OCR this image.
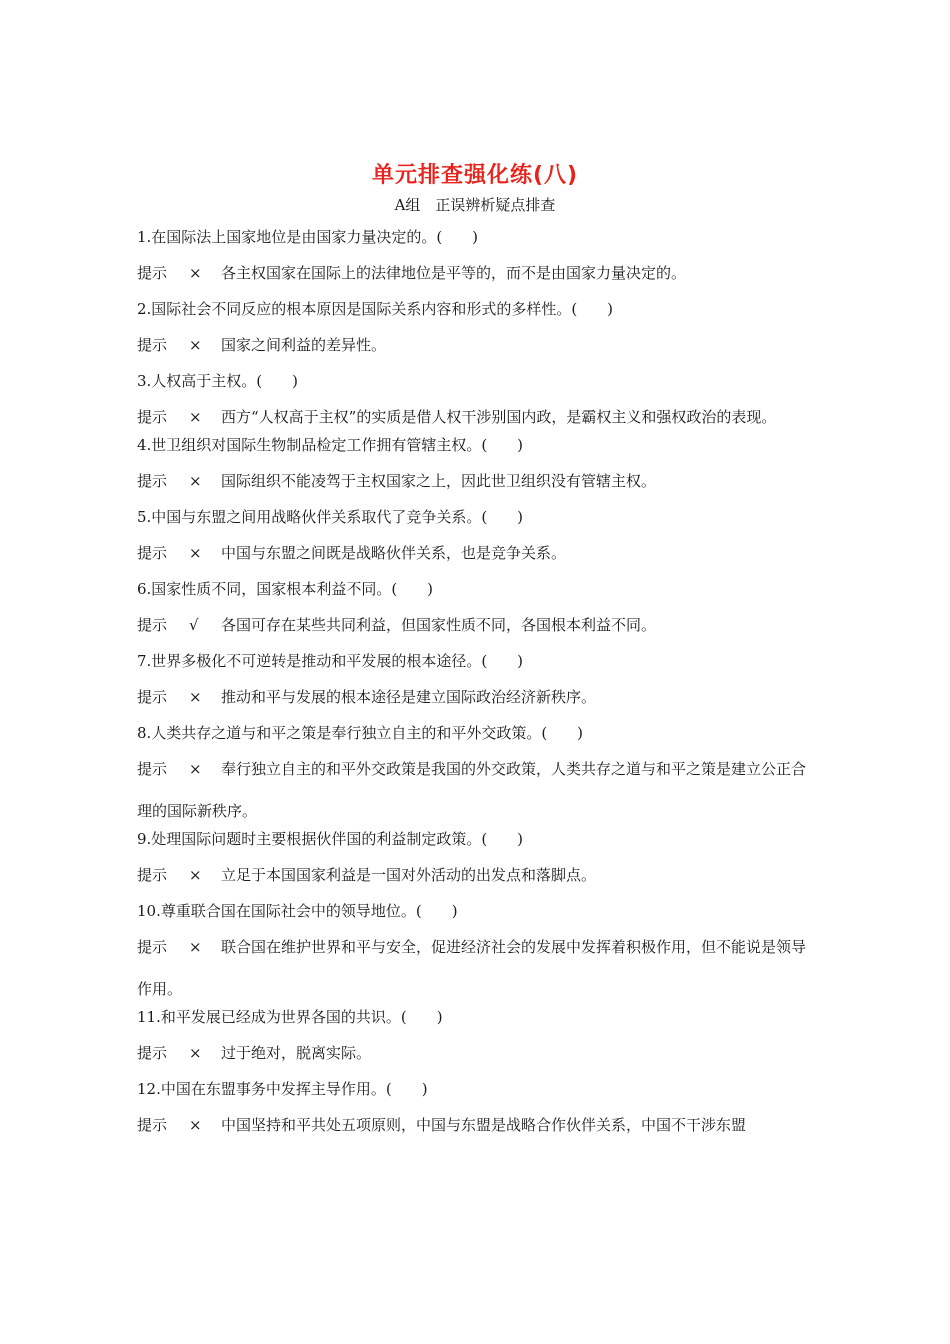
单元排查强化练(八)
A组　正误辨析疑点排查
1.在国际法上国家地位是由国家力量决定的。(　　)
提示 × 各主权国家在国际上的法律地位是平等的，而不是由国家力量决定的。
2.国际社会不同反应的根本原因是国际关系内容和形式的多样性。(　　)
提示 × 国家之间利益的差异性。
3.人权高于主权。(　　)
提示 × 西方“人权高于主权”的实质是借人权干涉别国内政，是霸权主义和强权政治的表现。
4.世卫组织对国际生物制品检定工作拥有管辖主权。(　　)
提示 × 国际组织不能凌驾于主权国家之上，因此世卫组织没有管辖主权。
5.中国与东盟之间用战略伙伴关系取代了竞争关系。(　　)
提示 × 中国与东盟之间既是战略伙伴关系，也是竞争关系。
6.国家性质不同，国家根本利益不同。(　　)
提示 √ 各国可存在某些共同利益，但国家性质不同，各国根本利益不同。
7.世界多极化不可逆转是推动和平发展的根本途径。(　　)
提示 × 推动和平与发展的根本途径是建立国际政治经济新秩序。
8.人类共存之道与和平之策是奉行独立自主的和平外交政策。(　　)
提示 × 奉行独立自主的和平外交政策是我国的外交政策，人类共存之道与和平之策是建立公正合理的国际新秩序。
9.处理国际问题时主要根据伙伴国的利益制定政策。(　　)
提示 × 立足于本国国家利益是一国对外活动的出发点和落脚点。
10.尊重联合国在国际社会中的领导地位。(　　)
提示 × 联合国在维护世界和平与安全，促进经济社会的发展中发挥着积极作用，但不能说是领导作用。
11.和平发展已经成为世界各国的共识。(　　)
提示 × 过于绝对，脱离实际。
12.中国在东盟事务中发挥主导作用。(　　)
提示 × 中国坚持和平共处五项原则，中国与东盟是战略合作伙伴关系，中国不干涉东盟
